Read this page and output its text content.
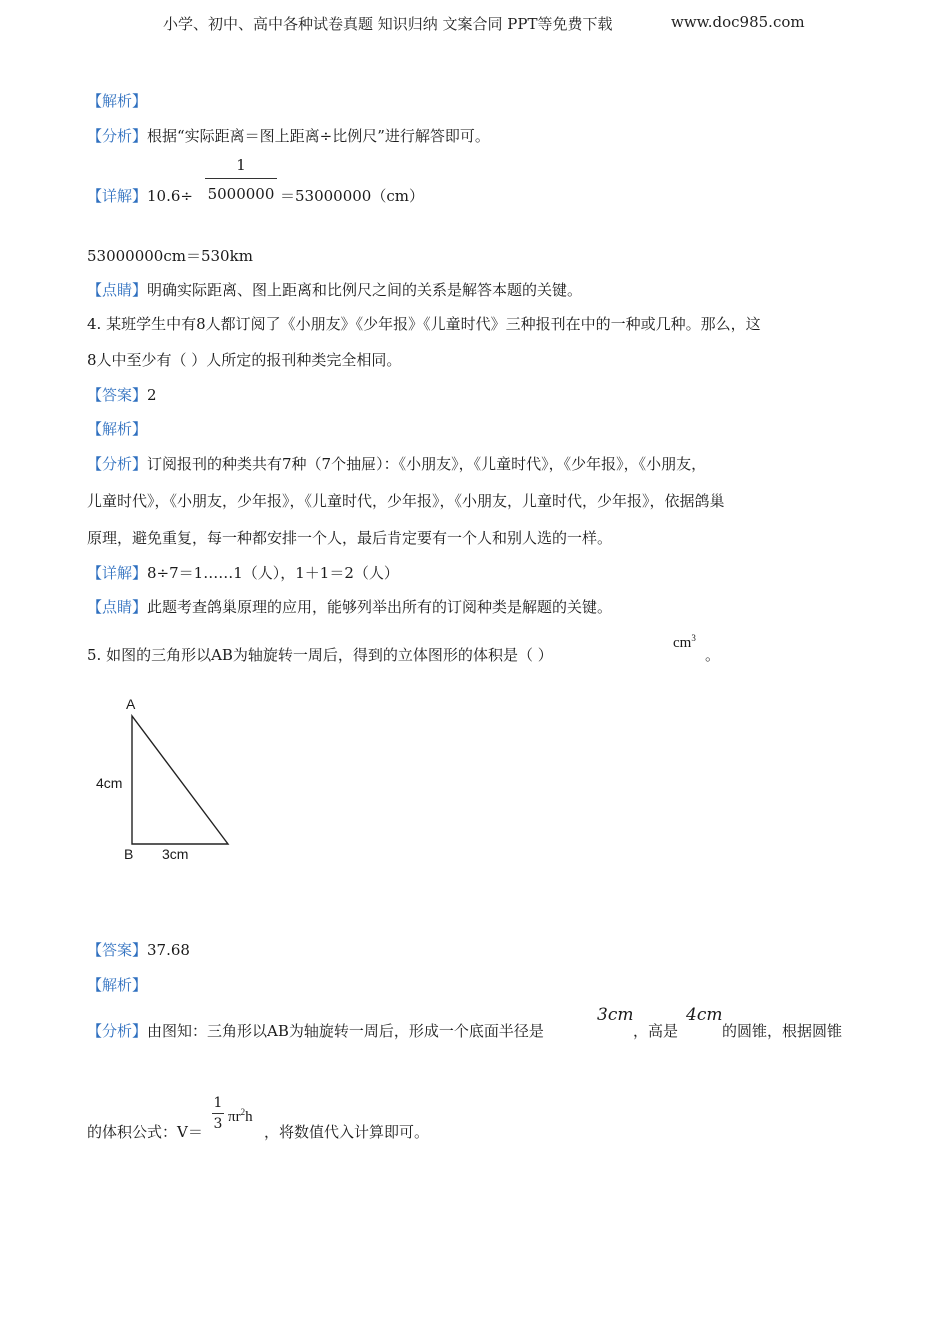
小学、初中、高中各种试卷真题 知识归纳 文案合同 PPT等免费下载	www.doc985.com
【解析】
【分析】根据“实际距离＝图上距离÷比例尺”进行解答即可。
【详解】10.6÷
1
5000000 ＝53000000（cm）
53000000cm＝530km
【点睛】明确实际距离、图上距离和比例尺之间的关系是解答本题的关键。
4. 某班学生中有8人都订阅了《小朋友》《少年报》《儿童时代》三种报刊在中的一种或几种。那么，这
8人中至少有（ ）人所定的报刊种类完全相同。
【答案】2
【解析】
【分析】订阅报刊的种类共有7种（7个抽屉）：《小朋友》，《儿童时代》，《少年报》，《小朋友，
儿童时代》，《小朋友，少年报》，《儿童时代，少年报》，《小朋友，儿童时代，少年报》，依据鸽巢
原理，避免重复，每一种都安排一个人，最后肯定要有一个人和别人选的一样。
【详解】8÷7＝1……1（人），1＋1＝2（人）
【点睛】此题考查鸽巢原理的应用，能够列举出所有的订阅种类是解题的关键。
5. 如图的三角形以AB为轴旋转一周后，得到的立体图形的体积是（ ）
$cm^3$
。
A
B
4cm
3cm
【答案】37.68
【解析】
【分析】由图知：三角形以AB为轴旋转一周后，形成一个底面半径是
3cm
，高是
4cm
的圆锥，根据圆锥
的体积公式：V＝
1
3 $\pi r^2h$
，将数值代入计算即可。
